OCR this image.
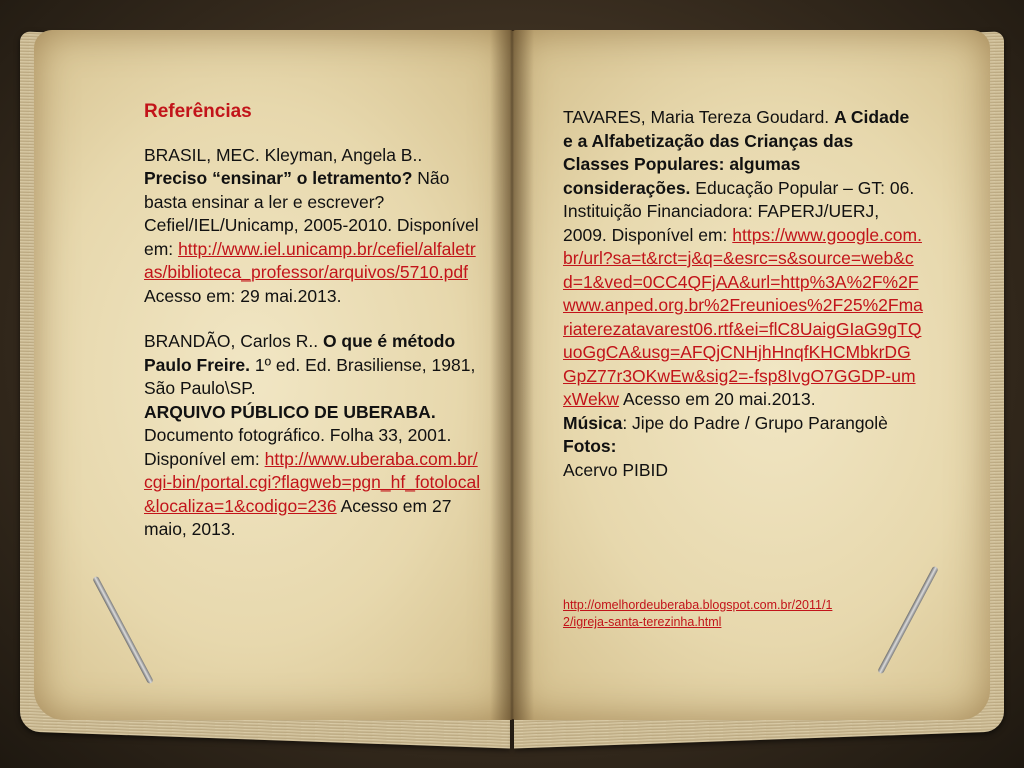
Referências
BRASIL, MEC. Kleyman, Angela B.. Preciso “ensinar” o letramento? Não basta ensinar a ler e escrever? Cefiel/IEL/Unicamp, 2005-2010. Disponível em: http://www.iel.unicamp.br/cefiel/alfaletras/biblioteca_professor/arquivos/5710.pdf Acesso em: 29 mai.2013.
BRANDÃO, Carlos R.. O que é método Paulo Freire. 1º ed. Ed. Brasiliense, 1981, São Paulo\SP.
ARQUIVO PÚBLICO DE UBERABA. Documento fotográfico. Folha 33, 2001. Disponível em: http://www.uberaba.com.br/cgi-bin/portal.cgi?flagweb=pgn_hf_fotolocal&localiza=1&codigo=236 Acesso em 27 maio, 2013.
TAVARES, Maria Tereza Goudard. A Cidade e a Alfabetização das Crianças das Classes Populares: algumas considerações. Educação Popular – GT: 06. Instituição Financiadora: FAPERJ/UERJ, 2009. Disponível em: https://www.google.com.br/url?sa=t&rct=j&q=&esrc=s&source=web&cd=1&ved=0CC4QFjAA&url=http%3A%2F%2Fwww.anped.org.br%2Freunioes%2F25%2Fmariaterezatavarest06.rtf&ei=flC8UaigGIaG9gTQuoGgCA&usg=AFQjCNHjhHnqfKHCMbkrDGGpZ77r3OKwEw&sig2=-fsp8IvgO7GGDP-umxWekw Acesso em 20 mai.2013.
Música: Jipe do Padre / Grupo Parangolè
Fotos:
Acervo PIBID
http://omelhordeuberaba.blogspot.com.br/2011/12/igreja-santa-terezinha.html
